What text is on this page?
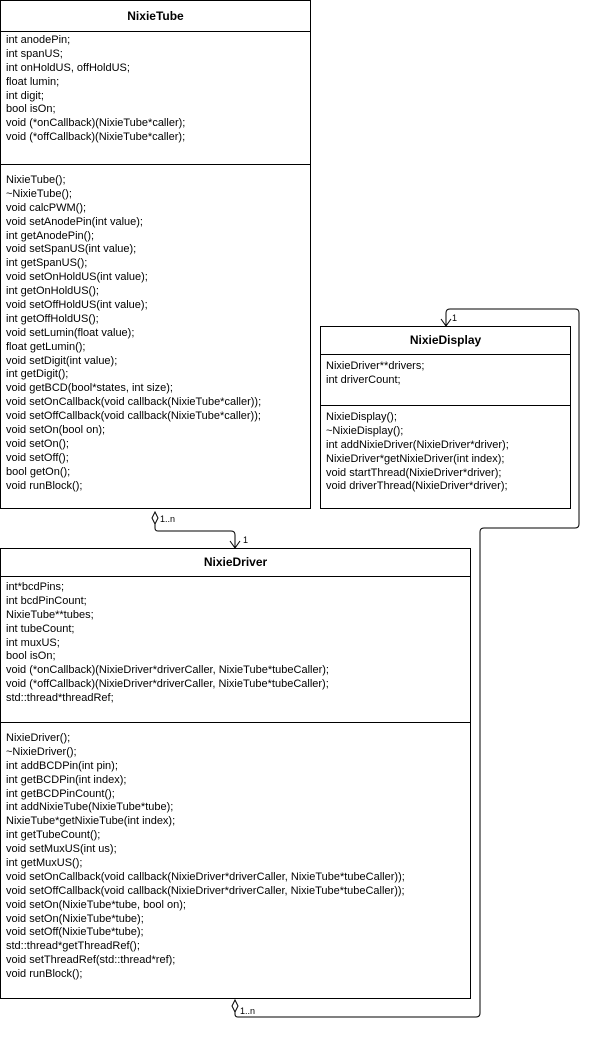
1..n
1
1..n
1
NixieTube
int anodePin;
int spanUS;
int onHoldUS, offHoldUS;
float lumin;
int digit;
bool isOn;
void (*onCallback)(NixieTube*caller);
void (*offCallback)(NixieTube*caller);
NixieTube();
~NixieTube();
void calcPWM();
void setAnodePin(int value);
int getAnodePin();
void setSpanUS(int value);
int getSpanUS();
void setOnHoldUS(int value);
int getOnHoldUS();
void setOffHoldUS(int value);
int getOffHoldUS();
void setLumin(float value);
float getLumin();
void setDigit(int value);
int getDigit();
void getBCD(bool*states, int size);
void setOnCallback(void callback(NixieTube*caller));
void setOffCallback(void callback(NixieTube*caller));
void setOn(bool on);
void setOn();
void setOff();
bool getOn();
void runBlock();
NixieDisplay
NixieDriver**drivers;
int driverCount;
NixieDisplay();
~NixieDisplay();
int addNixieDriver(NixieDriver*driver);
NixieDriver*getNixieDriver(int index);
void startThread(NixieDriver*driver);
void driverThread(NixieDriver*driver);
NixieDriver
int*bcdPins;
int bcdPinCount;
NixieTube**tubes;
int tubeCount;
int muxUS;
bool isOn;
void (*onCallback)(NixieDriver*driverCaller, NixieTube*tubeCaller);
void (*offCallback)(NixieDriver*driverCaller, NixieTube*tubeCaller);
std::thread*threadRef;
NixieDriver();
~NixieDriver();
int addBCDPin(int pin);
int getBCDPin(int index);
int getBCDPinCount();
int addNixieTube(NixieTube*tube);
NixieTube*getNixieTube(int index);
int getTubeCount();
void setMuxUS(int us);
int getMuxUS();
void setOnCallback(void callback(NixieDriver*driverCaller, NixieTube*tubeCaller));
void setOffCallback(void callback(NixieDriver*driverCaller, NixieTube*tubeCaller));
void setOn(NixieTube*tube, bool on);
void setOn(NixieTube*tube);
void setOff(NixieTube*tube);
std::thread*getThreadRef();
void setThreadRef(std::thread*ref);
void runBlock();
